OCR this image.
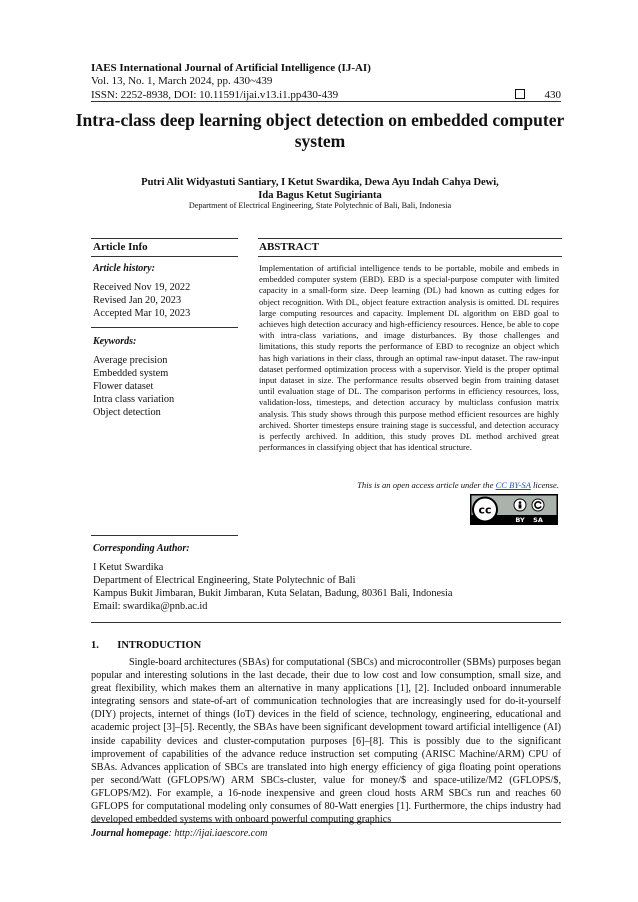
IAES International Journal of Artificial Intelligence (IJ-AI)
Vol. 13, No. 1, March 2024, pp. 430~439
ISSN: 2252-8938, DOI: 10.11591/ijai.v13.i1.pp430-439	430
Intra-class deep learning object detection on embedded computer system
Putri Alit Widyastuti Santiary, I Ketut Swardika, Dewa Ayu Indah Cahya Dewi,
Ida Bagus Ketut Sugirianta
Department of Electrical Engineering, State Polytechnic of Bali, Bali, Indonesia
Article Info
Article history:
Received Nov 19, 2022
Revised Jan 20, 2023
Accepted Mar 10, 2023
Keywords:
Average precision
Embedded system
Flower dataset
Intra class variation
Object detection
ABSTRACT
Implementation of artificial intelligence tends to be portable, mobile and embeds in embedded computer system (EBD). EBD is a special-purpose computer with limited capacity in a small-form size. Deep learning (DL) had known as cutting edges for object recognition. With DL, object feature extraction analysis is omitted. DL requires large computing resources and capacity. Implement DL algorithm on EBD goal to achieves high detection accuracy and high-efficiency resources. Hence, be able to cope with intra-class variations, and image disturbances. By those challenges and limitations, this study reports the performance of EBD to recognize an object which has high variations in their class, through an optimal raw-input dataset. The raw-input dataset performed optimization process with a supervisor. Yield is the proper optimal input dataset in size. The performance results observed begin from training dataset until evaluation stage of DL. The comparison performs in efficiency resources, loss, validation-loss, timesteps, and detection accuracy by multiclass confusion matrix analysis. This study shows through this purpose method efficient resources are highly archived. Shorter timesteps ensure training stage is successful, and detection accuracy is perfectly archived. In addition, this study proves DL method archived great performances in classifying object that has identical structure.
This is an open access article under the CC BY-SA license.
cc
BY SA
Corresponding Author:
I Ketut Swardika
Department of Electrical Engineering, State Polytechnic of Bali
Kampus Bukit Jimbaran, Bukit Jimbaran, Kuta Selatan, Badung, 80361 Bali, Indonesia
Email: swardika@pnb.ac.id
1.       INTRODUCTION

Single-board architectures (SBAs) for computational (SBCs) and microcontroller (SBMs) purposes began popular and interesting solutions in the last decade, their due to low cost and low consumption, small size, and great flexibility, which makes them an alternative in many applications [1], [2]. Included onboard innumerable integrating sensors and state-of-art of communication technologies that are increasingly used for do-it-yourself (DIY) projects, internet of things (IoT) devices in the field of science, technology, engineering, educational and academic project [3]–[5]. Recently, the SBAs have been significant development toward artificial intelligence (AI) inside capability devices and cluster-computation purposes [6]–[8]. This is possibly due to the significant improvement of capabilities of the advance reduce instruction set computing (ARISC Machine/ARM) CPU of SBAs. Advances application of SBCs are translated into high energy efficiency of giga floating point operations per second/Watt (GFLOPS/W) ARM SBCs-cluster, value for money/$ and space-utilize/M2 (GFLOPS/$, GFLOPS/M2). For example, a 16-node inexpensive and green cloud hosts ARM SBCs run and reaches 60 GFLOPS for computational modeling only consumes of 80-Watt energies [1]. Furthermore, the chips industry had developed embedded systems with onboard powerful computing graphics

Journal homepage: http://ijai.iaescore.com
